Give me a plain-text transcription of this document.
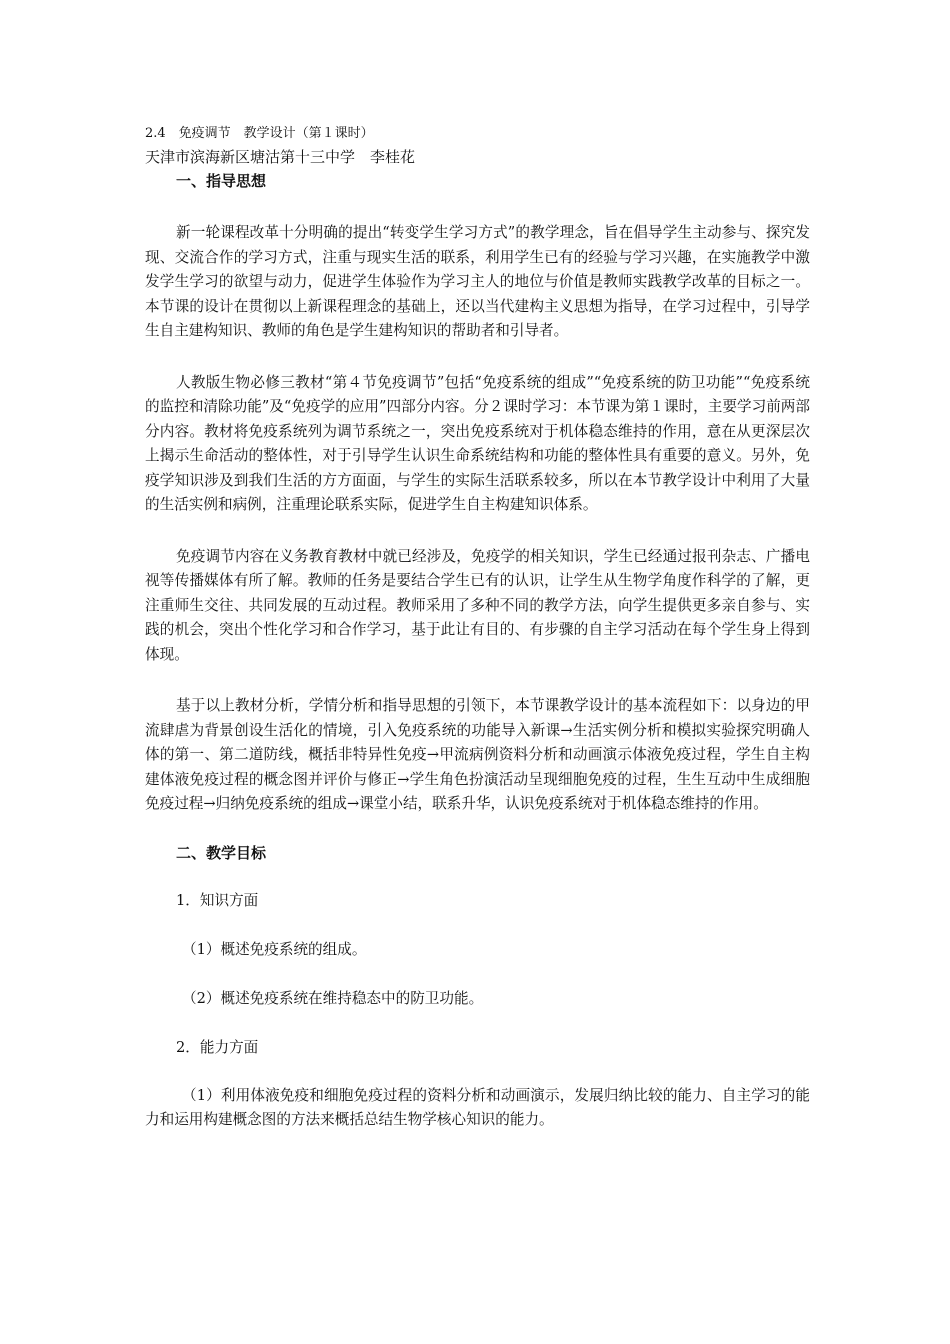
2.4　免疫调节　教学设计（第１课时）
天津市滨海新区塘沽第十三中学　李桂花
一、指导思想

新一轮课程改革十分明确的提出“转变学生学习方式”的教学理念，旨在倡导学生主动参与、探究发现、交流合作的学习方式，注重与现实生活的联系，利用学生已有的经验与学习兴趣，在实施教学中激发学生学习的欲望与动力，促进学生体验作为学习主人的地位与价值是教师实践教学改革的目标之一。本节课的设计在贯彻以上新课程理念的基础上，还以当代建构主义思想为指导，在学习过程中，引导学生自主建构知识、教师的角色是学生建构知识的帮助者和引导者。

人教版生物必修三教材“第４节免疫调节”包括“免疫系统的组成”“免疫系统的防卫功能”“免疫系统的监控和清除功能”及“免疫学的应用”四部分内容。分２课时学习：本节课为第１课时，主要学习前两部分内容。教材将免疫系统列为调节系统之一，突出免疫系统对于机体稳态维持的作用，意在从更深层次上揭示生命活动的整体性，对于引导学生认识生命系统结构和功能的整体性具有重要的意义。另外，免疫学知识涉及到我们生活的方方面面，与学生的实际生活联系较多，所以在本节教学设计中利用了大量的生活实例和病例，注重理论联系实际，促进学生自主构建知识体系。

免疫调节内容在义务教育教材中就已经涉及，免疫学的相关知识，学生已经通过报刊杂志、广播电视等传播媒体有所了解。教师的任务是要结合学生已有的认识，让学生从生物学角度作科学的了解，更注重师生交往、共同发展的互动过程。教师采用了多种不同的教学方法，向学生提供更多亲自参与、实践的机会，突出个性化学习和合作学习，基于此让有目的、有步骤的自主学习活动在每个学生身上得到体现。

基于以上教材分析，学情分析和指导思想的引领下，本节课教学设计的基本流程如下：以身边的甲流肆虐为背景创设生活化的情境，引入免疫系统的功能导入新课→生活实例分析和模拟实验探究明确人体的第一、第二道防线，概括非特异性免疫→甲流病例资料分析和动画演示体液免疫过程，学生自主构建体液免疫过程的概念图并评价与修正→学生角色扮演活动呈现细胞免疫的过程，生生互动中生成细胞免疫过程→归纳免疫系统的组成→课堂小结，联系升华，认识免疫系统对于机体稳态维持的作用。

二、教学目标
1．知识方面
（1）概述免疫系统的组成。
（2）概述免疫系统在维持稳态中的防卫功能。
2．能力方面

（1）利用体液免疫和细胞免疫过程的资料分析和动画演示，发展归纳比较的能力、自主学习的能力和运用构建概念图的方法来概括总结生物学核心知识的能力。
